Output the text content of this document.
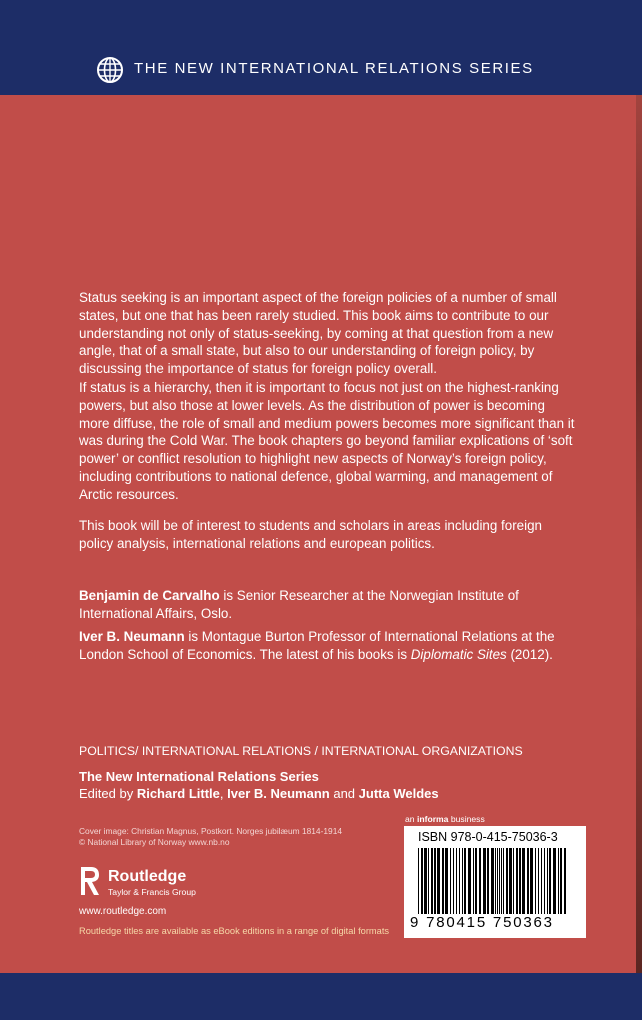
THE NEW INTERNATIONAL RELATIONS SERIES

Status seeking is an important aspect of the foreign policies of a number of small states, but one that has been rarely studied. This book aims to contribute to our understanding not only of status-seeking, by coming at that question from a new angle, that of a small state, but also to our understanding of foreign policy, by discussing the importance of status for foreign policy overall.

If status is a hierarchy, then it is important to focus not just on the highest-ranking powers, but also those at lower levels. As the distribution of power is becoming more diffuse, the role of small and medium powers becomes more significant than it was during the Cold War. The book chapters go beyond familiar explications of ‘soft power’ or conflict resolution to highlight new aspects of Norway’s foreign policy, including contributions to national defence, global warming, and management of Arctic resources.

This book will be of interest to students and scholars in areas including foreign policy analysis, international relations and european politics.

Benjamin de Carvalho is Senior Researcher at the Norwegian Institute of International Affairs, Oslo.

Iver B. Neumann is Montague Burton Professor of International Relations at the London School of Economics. The latest of his books is Diplomatic Sites (2012).

POLITICS/ INTERNATIONAL RELATIONS / INTERNATIONAL ORGANIZATIONS
The New International Relations Series
Edited by Richard Little, Iver B. Neumann and Jutta Weldes
Cover image: Christian Magnus, Postkort. Norges jubilæum 1814-1914
© National Library of Norway www.nb.no
Routledge
Taylor & Francis Group
www.routledge.com
Routledge titles are available as eBook editions in a range of digital formats
an informa business
ISBN 978-0-415-75036-3
9 780415 750363
